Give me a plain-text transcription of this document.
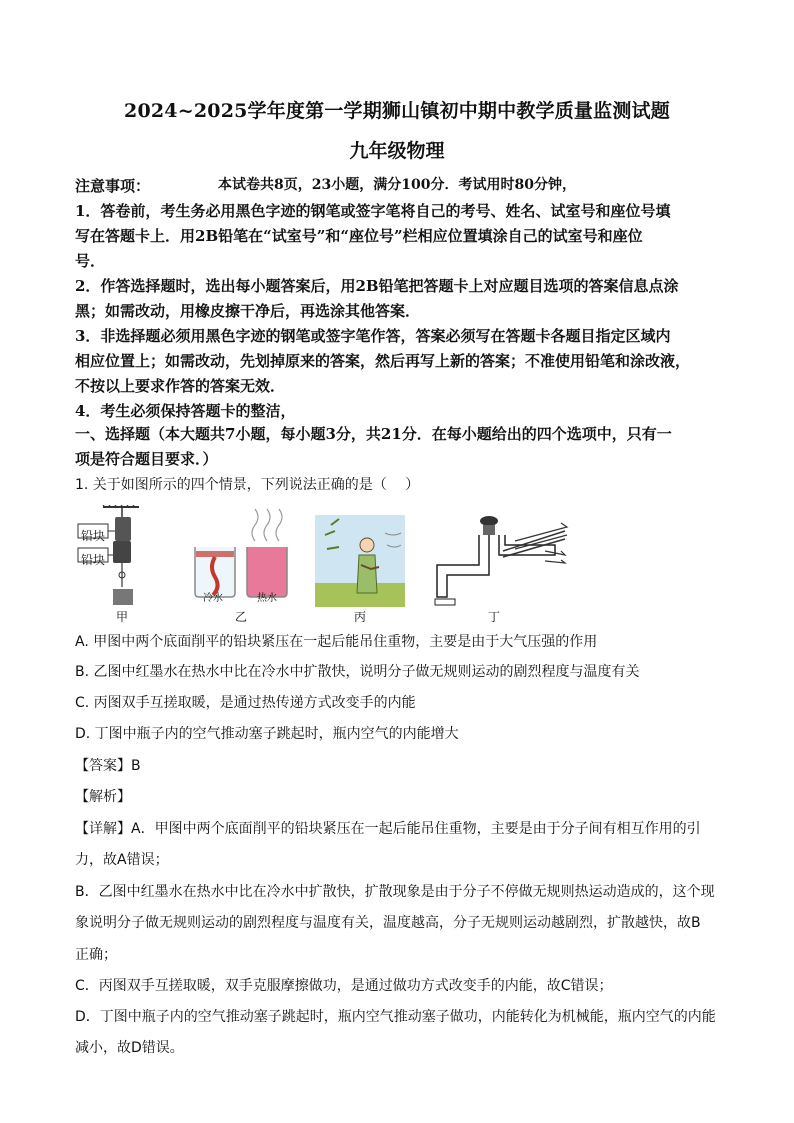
2024~2025学年度第一学期狮山镇初中期中教学质量监测试题
九年级物理
本试卷共8页，23小题，满分100分．考试用时80分钟，
注意事项：
1．答卷前，考生务必用黑色字迹的钢笔或签字笔将自己的考号、姓名、试室号和座位号填
写在答题卡上．用2B铅笔在“试室号”和“座位号”栏相应位置填涂自己的试室号和座位
号．
2．作答选择题时，选出每小题答案后，用2B铅笔把答题卡上对应题目选项的答案信息点涂
黑；如需改动，用橡皮擦干净后，再选涂其他答案．
3．非选择题必须用黑色字迹的钢笔或签字笔作答，答案必须写在答题卡各题目指定区域内
相应位置上；如需改动，先划掉原来的答案，然后再写上新的答案；不准使用铅笔和涂改液，
不按以上要求作答的答案无效．
4．考生必须保持答题卡的整洁，
一、选择题（本大题共7小题，每小题3分，共21分．在每小题给出的四个选项中，只有一
项是符合题目要求．）
1. 关于如图所示的四个情景，下列说法正确的是（　 ）
铅块
铅块
甲
冷水	热水
乙	丙	丁
A. 甲图中两个底面削平的铅块紧压在一起后能吊住重物，主要是由于大气压强的作用
B. 乙图中红墨水在热水中比在冷水中扩散快，说明分子做无规则运动的剧烈程度与温度有关
C. 丙图双手互搓取暖，是通过热传递方式改变手的内能
D. 丁图中瓶子内的空气推动塞子跳起时，瓶内空气的内能增大
【答案】B
【解析】
【详解】A．甲图中两个底面削平的铅块紧压在一起后能吊住重物，主要是由于分子间有相互作用的引
力，故A错误；
B．乙图中红墨水在热水中比在冷水中扩散快，扩散现象是由于分子不停做无规则热运动造成的，这个现
象说明分子做无规则运动的剧烈程度与温度有关，温度越高，分子无规则运动越剧烈，扩散越快，故B
正确；
C．丙图双手互搓取暖，双手克服摩擦做功，是通过做功方式改变手的内能，故C错误；
D．丁图中瓶子内的空气推动塞子跳起时，瓶内空气推动塞子做功，内能转化为机械能，瓶内空气的内能
减小，故D错误。
